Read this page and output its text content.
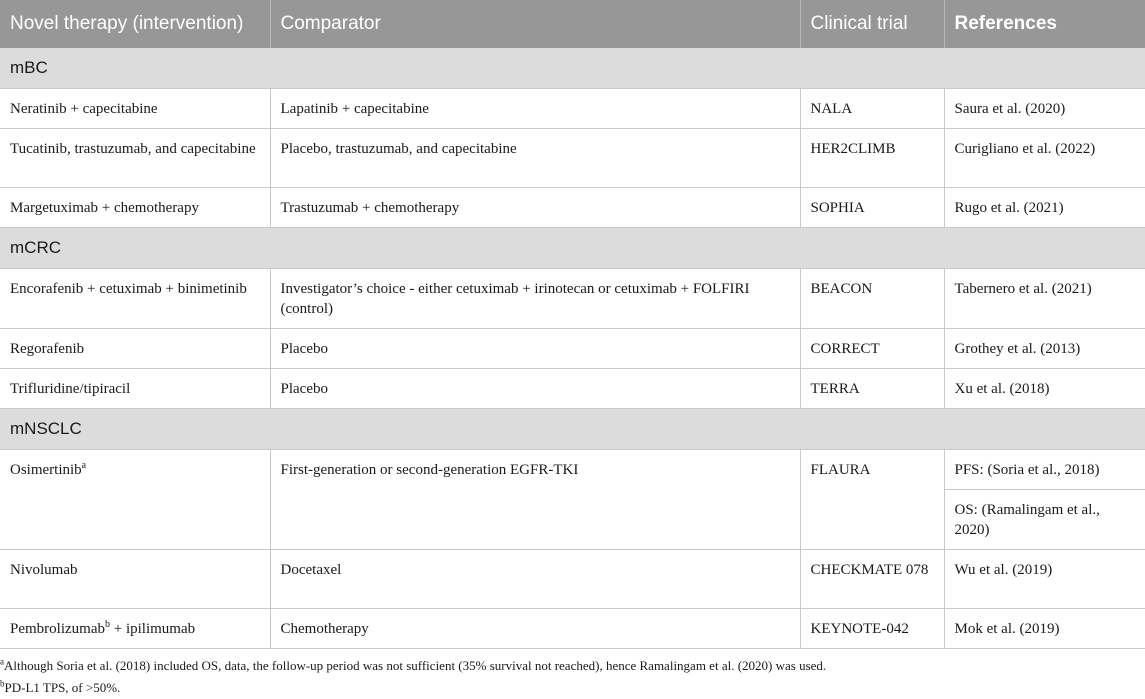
Novel therapy (intervention)	Comparator	Clinical trial	References
mBC			
Neratinib + capecitabine	Lapatinib + capecitabine	NALA	Saura et al. (2020)
Tucatinib, trastuzumab, and capecitabine	Placebo, trastuzumab, and capecitabine	HER2CLIMB	Curigliano et al. (2022)
Margetuximab + chemotherapy	Trastuzumab + chemotherapy	SOPHIA	Rugo et al. (2021)
mCRC			
Encorafenib + cetuximab + binimetinib	Investigator’s choice - either cetuximab + irinotecan or cetuximab + FOLFIRI (control)	BEACON	Tabernero et al. (2021)
Regorafenib	Placebo	CORRECT	Grothey et al. (2013)
Trifluridine/tipiracil	Placebo	TERRA	Xu et al. (2018)
mNSCLC			
Osimertinib$^a$	First-generation or second-generation EGFR-TKI	FLAURA	PFS: (Soria et al., 2018)
			OS: (Ramalingam et al., 2020)
Nivolumab	Docetaxel	CHECKMATE 078	Wu et al. (2019)
Pembrolizumab$^b$ + ipilimumab	Chemotherapy	KEYNOTE-042	Mok et al. (2019)
$^a$Although Soria et al. (2018) included OS, data, the follow-up period was not sufficient (35% survival not reached), hence Ramalingam et al. (2020) was used.
$^b$PD-L1 TPS, of >50%.
